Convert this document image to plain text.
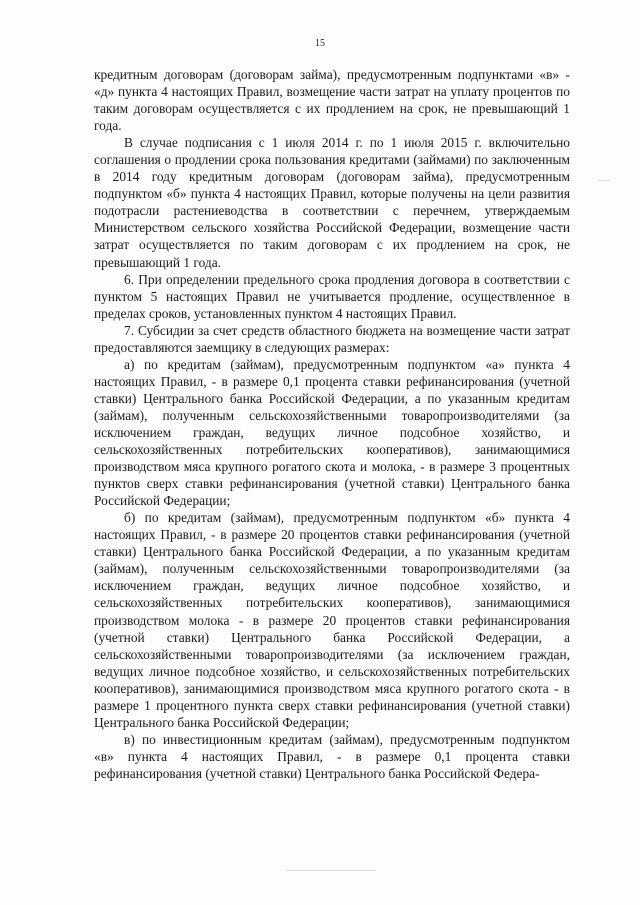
15

кредитным договорам (договорам займа), предусмотренным подпунктами «в» - «д» пункта 4 настоящих Правил, возмещение части затрат на уплату процентов по таким договорам осуществляется с их продлением на срок, не превышающий 1 года.

В случае подписания с 1 июля 2014 г. по 1 июля 2015 г. включительно соглашения о продлении срока пользования кредитами (займами) по заключенным в 2014 году кредитным договорам (договорам займа), предусмотренным подпунктом «б» пункта 4 настоящих Правил, которые получены на цели развития подотрасли растениеводства в соответствии с перечнем, утверждаемым Министерством сельского хозяйства Российской Федерации, возмещение части затрат осуществляется по таким договорам с их продлением на срок, не превышающий 1 года.

6. При определении предельного срока продления договора в соответствии с пунктом 5 настоящих Правил не учитывается продление, осуществленное в пределах сроков, установленных пунктом 4 настоящих Правил.

7. Субсидии за счет средств областного бюджета на возмещение части затрат предоставляются заемщику в следующих размерах:

а) по кредитам (займам), предусмотренным подпунктом «а» пункта 4 настоящих Правил, - в размере 0,1 процента ставки рефинансирования (учетной ставки) Центрального банка Российской Федерации, а по указанным кредитам (займам), полученным сельскохозяйственными товаропроизводителями (за исключением граждан, ведущих личное подсобное хозяйство, и сельскохозяйственных потребительских кооперативов), занимающимися производством мяса крупного рогатого скота и молока, - в размере 3 процентных пунктов сверх ставки рефинансирования (учетной ставки) Центрального банка Российской Федерации;

б) по кредитам (займам), предусмотренным подпунктом «б» пункта 4 настоящих Правил, - в размере 20 процентов ставки рефинансирования (учетной ставки) Центрального банка Российской Федерации, а по указанным кредитам (займам), полученным сельскохозяйственными товаропроизводителями (за исключением граждан, ведущих личное подсобное хозяйство, и сельскохозяйственных потребительских кооперативов), занимающимися производством молока - в размере 20 процентов ставки рефинансирования (учетной ставки) Центрального банка Российской Федерации, а сельскохозяйственными товаропроизводителями (за исключением граждан, ведущих личное подсобное хозяйство, и сельскохозяйственных потребительских кооперативов), занимающимися производством мяса крупного рогатого скота - в размере 1 процентного пункта сверх ставки рефинансирования (учетной ставки) Центрального банка Российской Федерации;

в) по инвестиционным кредитам (займам), предусмотренным подпунктом «в» пункта 4 настоящих Правил, - в размере 0,1 процента ставки рефинансирования (учетной ставки) Центрального банка Российской Федера-
